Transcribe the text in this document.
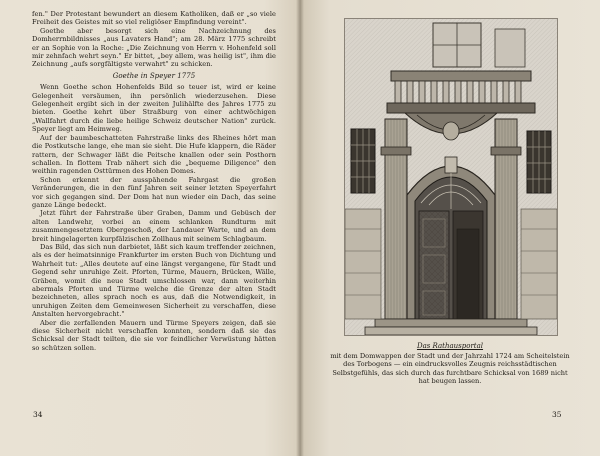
fen." Der Protestant bewundert an diesem Katholiken, daß er „so viele Freiheit des Geistes mit so viel religiöser Empfindung vereint".

Goethe aber besorgt sich eine Nachzeichnung des Domherrnbildnisses „aus Lavaters Hand"; am 28. März 1775 schreibt er an Sophie von la Roche: „Die Zeichnung von Herrn v. Hohenfeld soll mir zehnfach wehrt seyn." Er bittet, „bey allem, was heilig ist", ihm die Zeichnung „aufs sorgfältigste verwahrt" zu schicken.

Goethe in Speyer 1775

Wenn Goethe schon Hohenfelds Bild so teuer ist, wird er keine Gelegenheit versäumen, ihn persönlich wiederzusehen. Diese Gelegenheit ergibt sich in der zweiten Julihälfte des Jahres 1775 zu bieten. Goethe kehrt über Straßburg von einer achtwöchigen „Wallfahrt durch die liebe heilige Schweiz deutscher Nation" zurück. Speyer liegt am Heimweg.

Auf der baumbeschatteten Fahrstraße links des Rheines hört man die Postkutsche lange, ehe man sie sieht. Die Hufe klappern, die Räder rattern, der Schwager läßt die Peitsche knallen oder sein Posthorn schallen. In flottem Trab nähert sich die „bequeme Diligence" den weithin ragenden Osttürmen des Hohen Domes.

Schon erkennt der ausspähende Fahrgast die großen Veränderungen, die in den fünf Jahren seit seiner letzten Speyerfahrt vor sich gegangen sind. Der Dom hat nun wieder ein Dach, das seine ganze Länge bedeckt.

Jetzt führt der Fahrstraße über Graben, Damm und Gebüsch der alten Landwehr, vorbei an einem schlanken Rundturm mit zusammengesetztem Obergeschoß, der Landauer Warte, und an dem breit hingelagerten kurpfälzischen Zollhaus mit seinem Schlagbaum.

Das Bild, das sich nun darbietet, läßt sich kaum treffender zeichnen, als es der heimatsinnige Frankfurter im ersten Buch von Dichtung und Wahrheit tut: „Alles deutete auf eine längst vergangene, für Stadt und Gegend sehr unruhige Zeit. Pforten, Türme, Mauern, Brücken, Wälle, Gräben, womit die neue Stadt umschlossen war, dann weiterhin abermals Pforten und Türme welche die Grenze der alten Stadt bezeichneten, alles sprach noch es aus, daß die Notwendigkeit, in unruhigen Zeiten dem Gemeinwesen Sicherheit zu verschaffen, diese Anstalten hervorgebracht."

Aber die zerfallenden Mauern und Türme Speyers zeigen, daß sie diese Sicherheit nicht verschaffen konnten, sondern daß sie das Schicksal der Stadt teilten, die sie vor feindlicher Verwüstung hätten so schützen sollen.

34
Das Rathausportal
mit dem Domwappen der Stadt und der Jahrzahl 1724 am Scheitelstein des Torbogens — ein eindrucksvolles Zeugnis reichsstädtischen Selbstgefühls, das sich durch das furchtbare Schicksal von 1689 nicht hat beugen lassen.
35
